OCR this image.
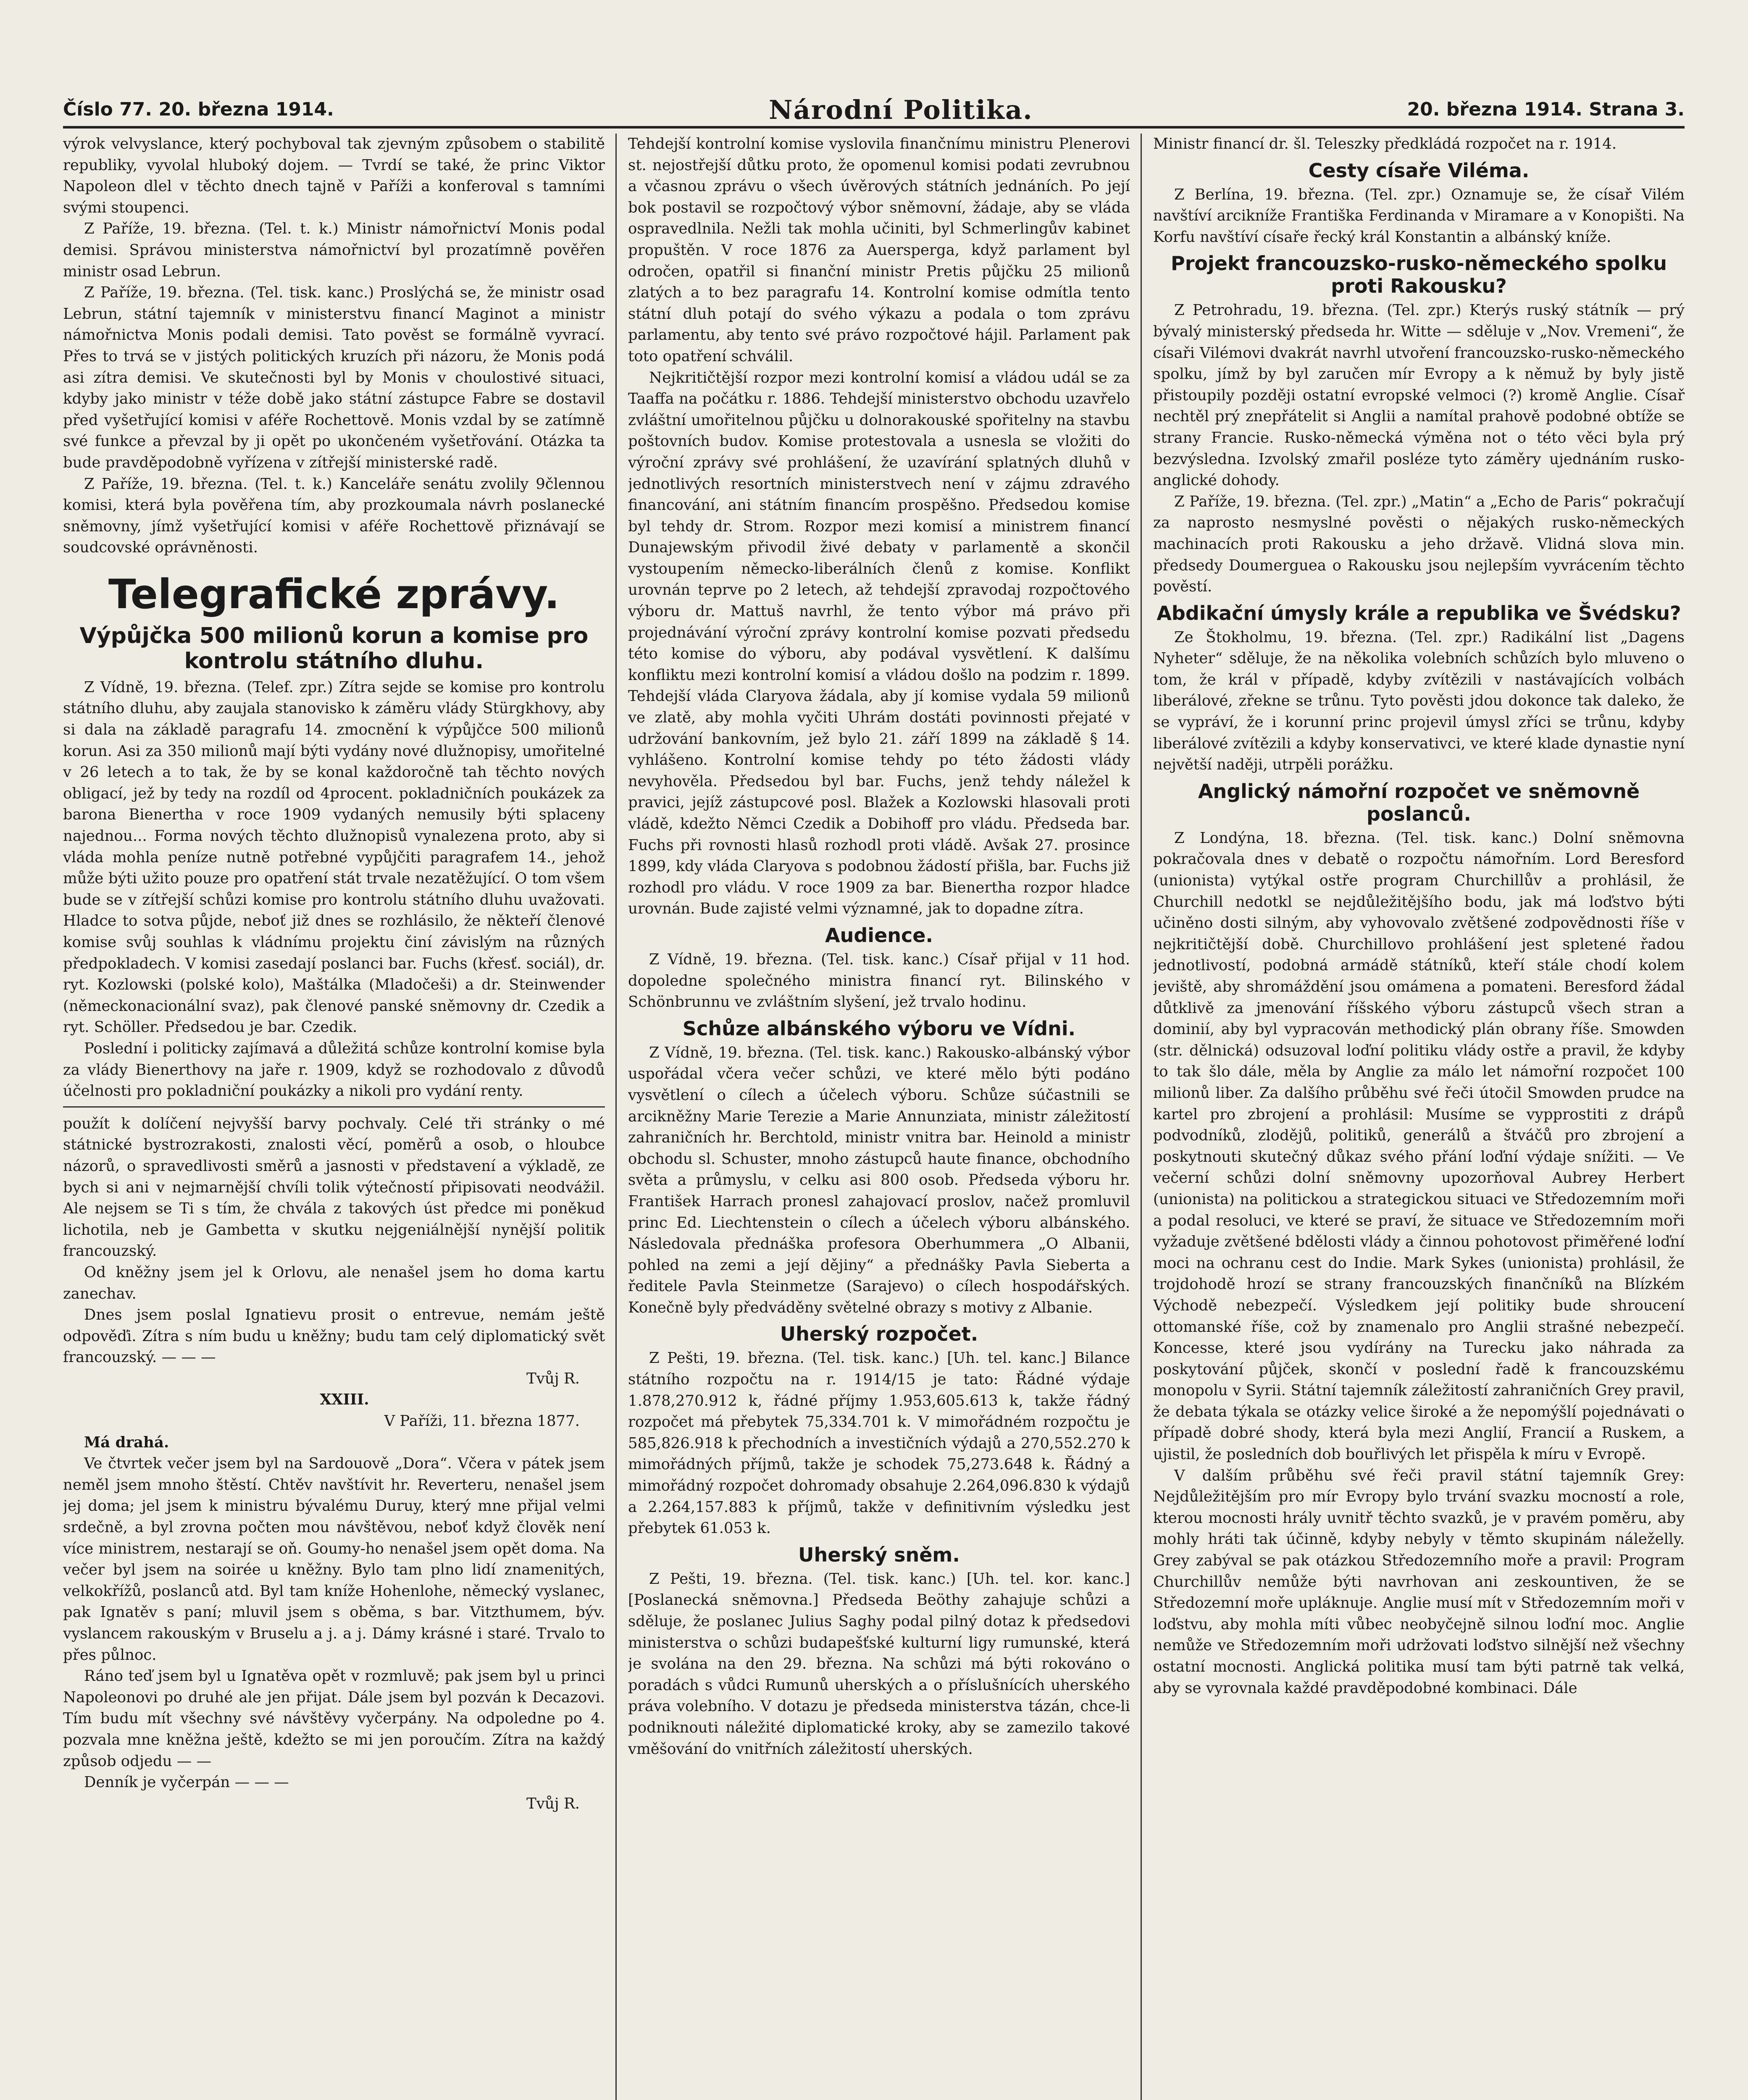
Číslo 77. 20. března 1914.	Národní Politika.	20. března 1914. Strana 3.

výrok velvyslance, který pochyboval tak zjevným způsobem o stabilitě republiky, vyvolal hluboký dojem. — Tvrdí se také, že princ Viktor Napoleon dlel v těchto dnech tajně v Paříži a konferoval s tamními svými stoupenci.

Z Paříže, 19. března. (Tel. t. k.) Ministr námořnictví Monis podal demisi. Správou ministerstva námořnictví byl prozatímně pověřen ministr osad Lebrun.

Z Paříže, 19. března. (Tel. tisk. kanc.) Proslýchá se, že ministr osad Lebrun, státní tajemník v ministerstvu financí Maginot a ministr námořnictva Monis podali demisi. Tato pověst se formálně vyvrací. Přes to trvá se v jistých politických kruzích při názoru, že Monis podá asi zítra demisi. Ve skutečnosti byl by Monis v choulostivé situaci, kdyby jako ministr v téže době jako státní zástupce Fabre se dostavil před vyšetřující komisi v aféře Rochettově. Monis vzdal by se zatímně své funkce a převzal by ji opět po ukončeném vyšetřování. Otázka ta bude pravděpodobně vyřízena v zítřejší ministerské radě.

Z Paříže, 19. března. (Tel. t. k.) Kanceláře senátu zvolily 9člennou komisi, která byla pověřena tím, aby prozkoumala návrh poslanecké sněmovny, jímž vyšetřující komisi v aféře Rochettově přiznávají se soudcovské oprávněnosti.

Telegrafické zprávy.
Výpůjčka 500 milionů korun a komise pro kontrolu státního dluhu.

Z Vídně, 19. března. (Telef. zpr.) Zítra sejde se komise pro kontrolu státního dluhu, aby zaujala stanovisko k záměru vlády Stürgkhovy, aby si dala na základě paragrafu 14. zmocnění k výpůjčce 500 milionů korun. Asi za 350 milionů mají býti vydány nové dlužnopisy, umořitelné v 26 letech a to tak, že by se konal každoročně tah těchto nových obligací, jež by tedy na rozdíl od 4procent. pokladničních poukázek za barona Bienertha v roce 1909 vydaných nemusily býti splaceny najednou... Forma nových těchto dlužnopisů vynalezena proto, aby si vláda mohla peníze nutně potřebné vypůjčiti paragrafem 14., jehož může býti užito pouze pro opatření stát trvale nezatěžující. O tom všem bude se v zítřejší schůzi komise pro kontrolu státního dluhu uvažovati. Hladce to sotva půjde, neboť již dnes se rozhlásilo, že někteří členové komise svůj souhlas k vládnímu projektu činí závislým na různých předpokladech. V komisi zasedají poslanci bar. Fuchs (křesť. sociál), dr. ryt. Kozlowski (polské kolo), Maštálka (Mladočeši) a dr. Steinwender (německonacionální svaz), pak členové panské sněmovny dr. Czedik a ryt. Schöller. Předsedou je bar. Czedik.

Poslední i politicky zajímavá a důležitá schůze kontrolní komise byla za vlády Bienerthovy na jaře r. 1909, když se rozhodovalo z důvodů účelnosti pro pokladniční poukázky a nikoli pro vydání renty.

použít k dolíčení nejvyšší barvy pochvaly. Celé tři stránky o mé státnické bystrozrakosti, znalosti věcí, poměrů a osob, o hloubce názorů, o spravedlivosti směrů a jasnosti v představení a výkladě, ze bych si ani v nejmarnější chvíli tolik výtečností připisovati neodvážil. Ale nejsem se Ti s tím, že chvála z takových úst předce mi poněkud lichotila, neb je Gambetta v skutku nejgeniálnější nynější politik francouzský.

Od kněžny jsem jel k Orlovu, ale nenašel jsem ho doma kartu zanechav.

Dnes jsem poslal Ignatievu prosit o entrevue, nemám ještě odpověďi. Zítra s ním budu u kněžny; budu tam celý diplomatický svět francouzský. — — —

Tvůj R.

XXIII.

V Paříži, 11. března 1877.

Má drahá.

Ve čtvrtek večer jsem byl na Sardouově „Dora“. Včera v pátek jsem neměl jsem mnoho štěstí. Chtěv navštívit hr. Reverteru, nenašel jsem jej doma; jel jsem k ministru bývalému Duruy, který mne přijal velmi srdečně, a byl zrovna počten mou návštěvou, neboť když člověk není více ministrem, nestarají se oň. Goumy-ho nenašel jsem opět doma. Na večer byl jsem na soirée u kněžny. Bylo tam plno lidí znamenitých, velkokřížů, poslanců atd. Byl tam kníže Hohenlohe, německý vyslanec, pak Ignatěv s paní; mluvil jsem s oběma, s bar. Vitzthumem, býv. vyslancem rakouským v Bruselu a j. a j. Dámy krásné i staré. Trvalo to přes půlnoc.

Ráno teď jsem byl u Ignatěva opět v rozmluvě; pak jsem byl u princi Napoleonovi po druhé ale jen přijat. Dále jsem byl pozván k Decazovi. Tím budu mít všechny své návštěvy vyčerpány. Na odpoledne po 4. pozvala mne kněžna ještě, kdežto se mi jen poroučím. Zítra na každý způsob odjedu — —

Denník je vyčerpán — — —

Tvůj R.

Tehdejší kontrolní komise vyslovila finančnímu ministru Plenerovi st. nejostřejší důtku proto, že opomenul komisi podati zevrubnou a včasnou zprávu o všech úvěrových státních jednáních. Po její bok postavil se rozpočtový výbor sněmovní, žádaje, aby se vláda ospravedlnila. Nežli tak mohla učiniti, byl Schmerlingův kabinet propuštěn. V roce 1876 za Auersperga, když parlament byl odročen, opatřil si finanční ministr Pretis půjčku 25 milionů zlatých a to bez paragrafu 14. Kontrolní komise odmítla tento státní dluh potají do svého výkazu a podala o tom zprávu parlamentu, aby tento své právo rozpočtové hájil. Parlament pak toto opatření schválil.

Nejkritičtější rozpor mezi kontrolní komisí a vládou udál se za Taaffa na počátku r. 1886. Tehdejší ministerstvo obchodu uzavřelo zvláštní umořitelnou půjčku u dolnorakouské spořitelny na stavbu poštovních budov. Komise protestovala a usnesla se vložiti do výroční zprávy své prohlášení, že uzavírání splatných dluhů v jednotlivých resortních ministerstvech není v zájmu zdravého financování, ani státním financím prospěšno. Předsedou komise byl tehdy dr. Strom. Rozpor mezi komisí a ministrem financí Dunajewským přivodil živé debaty v parlamentě a skončil vystoupením německo-liberálních členů z komise. Konflikt urovnán teprve po 2 letech, až tehdejší zpravodaj rozpočtového výboru dr. Mattuš navrhl, že tento výbor má právo při projednávání výroční zprávy kontrolní komise pozvati předsedu této komise do výboru, aby podával vysvětlení. K dalšímu konfliktu mezi kontrolní komisí a vládou došlo na podzim r. 1899. Tehdejší vláda Claryova žádala, aby jí komise vydala 59 milionů ve zlatě, aby mohla vyčiti Uhrám dostáti povinnosti přejaté v udržování bankovním, jež bylo 21. září 1899 na základě § 14. vyhlášeno. Kontrolní komise tehdy po této žádosti vlády nevyhověla. Předsedou byl bar. Fuchs, jenž tehdy náležel k pravici, jejíž zástupcové posl. Blažek a Kozlowski hlasovali proti vládě, kdežto Němci Czedik a Dobihoff pro vládu. Předseda bar. Fuchs při rovnosti hlasů rozhodl proti vládě. Avšak 27. prosince 1899, kdy vláda Claryova s podobnou žádostí přišla, bar. Fuchs již rozhodl pro vládu. V roce 1909 za bar. Bienertha rozpor hladce urovnán. Bude zajisté velmi významné, jak to dopadne zítra.

Audience.

Z Vídně, 19. března. (Tel. tisk. kanc.) Císař přijal v 11 hod. dopoledne společného ministra financí ryt. Bilinského v Schönbrunnu ve zvláštním slyšení, jež trvalo hodinu.

Schůze albánského výboru ve Vídni.

Z Vídně, 19. března. (Tel. tisk. kanc.) Rakousko-albánský výbor uspořádal včera večer schůzi, ve které mělo býti podáno vysvětlení o cílech a účelech výboru. Schůze súčastnili se arcikněžny Marie Terezie a Marie Annunziata, ministr záležitostí zahraničních hr. Berchtold, ministr vnitra bar. Heinold a ministr obchodu sl. Schuster, mnoho zástupců haute finance, obchodního světa a průmyslu, v celku asi 800 osob. Předseda výboru hr. František Harrach pronesl zahajovací proslov, načež promluvil princ Ed. Liechtenstein o cílech a účelech výboru albánského. Následovala přednáška profesora Oberhummera „O Albanii, pohled na zemi a její dějiny“ a přednášky Pavla Sieberta a ředitele Pavla Steinmetze (Sarajevo) o cílech hospodářských. Konečně byly předváděny světelné obrazy s motivy z Albanie.

Uherský rozpočet.

Z Pešti, 19. března. (Tel. tisk. kanc.) [Uh. tel. kanc.] Bilance státního rozpočtu na r. 1914/15 je tato: Řádné výdaje 1.878,270.912 k, řádné příjmy 1.953,605.613 k, takže řádný rozpočet má přebytek 75,334.701 k. V mimořádném rozpočtu je 585,826.918 k přechodních a investičních výdajů a 270,552.270 k mimořádných příjmů, takže je schodek 75,273.648 k. Řádný a mimořádný rozpočet dohromady obsahuje 2.264,096.830 k výdajů a 2.264,157.883 k příjmů, takže v definitivním výsledku jest přebytek 61.053 k.

Uherský sněm.

Z Pešti, 19. března. (Tel. tisk. kanc.) [Uh. tel. kor. kanc.] [Poslanecká sněmovna.] Předseda Beöthy zahajuje schůzi a sděluje, že poslanec Julius Saghy podal pilný dotaz k předsedovi ministerstva o schůzi budapešťské kulturní ligy rumunské, která je svolána na den 29. března. Na schůzi má býti rokováno o poradách s vůdci Rumunů uherských a o příslušnících uherského práva volebního. V dotazu je předseda ministerstva tázán, chce-li podniknouti náležité diplomatické kroky, aby se zamezilo takové vměšování do vnitřních záležitostí uherských.

Ministr financí dr. šl. Teleszky předkládá rozpočet na r. 1914.

Cesty císaře Viléma.

Z Berlína, 19. března. (Tel. zpr.) Oznamuje se, že císař Vilém navštíví arcikníže Františka Ferdinanda v Miramare a v Konopišti. Na Korfu navštíví císaře řecký král Konstantin a albánský kníže.

Projekt francouzsko-rusko-německého spolku proti Rakousku?

Z Petrohradu, 19. března. (Tel. zpr.) Kterýs ruský státník — prý bývalý ministerský předseda hr. Witte — sděluje v „Nov. Vremeni“, že císaři Vilémovi dvakrát navrhl utvoření francouzsko-rusko-německého spolku, jímž by byl zaručen mír Evropy a k němuž by byly jistě přistoupily později ostatní evropské velmoci (?) kromě Anglie. Císař nechtěl prý znepřátelit si Anglii a namítal prahově podobné obtíže se strany Francie. Rusko-německá výměna not o této věci byla prý bezvýsledna. Izvolský zmařil posléze tyto záměry ujednáním rusko-anglické dohody.

Z Paříže, 19. března. (Tel. zpr.) „Matin“ a „Echo de Paris“ pokračují za naprosto nesmyslné pověsti o nějakých rusko-německých machinacích proti Rakousku a jeho državě. Vlidná slova min. předsedy Doumerguea o Rakousku jsou nejlepším vyvrácením těchto pověstí.

Abdikační úmysly krále a republika ve Švédsku?

Ze Štokholmu, 19. března. (Tel. zpr.) Radikální list „Dagens Nyheter“ sděluje, že na několika volebních schůzích bylo mluveno o tom, že král v případě, kdyby zvítězili v nastávajících volbách liberálové, zřekne se trůnu. Tyto pověsti jdou dokonce tak daleko, že se vypráví, že i korunní princ projevil úmysl zříci se trůnu, kdyby liberálové zvítězili a kdyby konservativci, ve které klade dynastie nyní největší naději, utrpěli porážku.

Anglický námořní rozpočet ve sněmovně poslanců.

Z Londýna, 18. března. (Tel. tisk. kanc.) Dolní sněmovna pokračovala dnes v debatě o rozpočtu námořním. Lord Beresford (unionista) vytýkal ostře program Churchillův a prohlásil, že Churchill nedotkl se nejdůležitějšího bodu, jak má loďstvo býti učiněno dosti silným, aby vyhovovalo zvětšené zodpovědnosti říše v nejkritičtější době. Churchillovo prohlášení jest spletené řadou jednotlivostí, podobná armádě státníků, kteří stále chodí kolem jeviště, aby shromáždění jsou omámena a pomateni. Beresford žádal důtklivě za jmenování říšského výboru zástupců všech stran a dominií, aby byl vypracován methodický plán obrany říše. Smowden (str. dělnická) odsuzoval loďní politiku vlády ostře a pravil, že kdyby to tak šlo dále, měla by Anglie za málo let námořní rozpočet 100 milionů liber. Za dalšího průběhu své řeči útočil Smowden prudce na kartel pro zbrojení a prohlásil: Musíme se vypprostiti z drápů podvodníků, zlodějů, politiků, generálů a štváčů pro zbrojení a poskytnouti skutečný důkaz svého přání loďní výdaje snížiti. — Ve večerní schůzi dolní sněmovny upozorňoval Aubrey Herbert (unionista) na politickou a strategickou situaci ve Středozemním moři a podal resoluci, ve které se praví, že situace ve Středozemním moři vyžaduje zvětšené bdělosti vlády a činnou pohotovost přiměřené loďní moci na ochranu cest do Indie. Mark Sykes (unionista) prohlásil, že trojdohodě hrozí se strany francouzských finančníků na Blízkém Východě nebezpečí. Výsledkem její politiky bude shroucení ottomanské říše, což by znamenalo pro Anglii strašné nebezpečí. Koncesse, které jsou vydírány na Turecku jako náhrada za poskytování půjček, skončí v poslední řadě k francouzskému monopolu v Syrii. Státní tajemník záležitostí zahraničních Grey pravil, že debata týkala se otázky velice široké a že nepomýšlí pojednávati o případě dobré shody, která byla mezi Anglií, Francií a Ruskem, a ujistil, že posledních dob bouřlivých let přispěla k míru v Evropě.

V dalším průběhu své řeči pravil státní tajemník Grey: Nejdůležitějším pro mír Evropy bylo trvání svazku mocností a role, kterou mocnosti hrály uvnitř těchto svazků, je v pravém poměru, aby mohly hráti tak účinně, kdyby nebyly v těmto skupinám náleželly. Grey zabýval se pak otázkou Středozemního moře a pravil: Program Churchillův nemůže býti navrhovan ani zeskountiven, že se Středozemní moře upláknuje. Anglie musí mít v Středozemním moři v loďstvu, aby mohla míti vůbec neobyčejně silnou loďní moc. Anglie nemůže ve Středozemním moři udržovati loďstvo silnější než všechny ostatní mocnosti. Anglická politika musí tam býti patrně tak velká, aby se vyrovnala každé pravděpodobné kombinaci. Dále
